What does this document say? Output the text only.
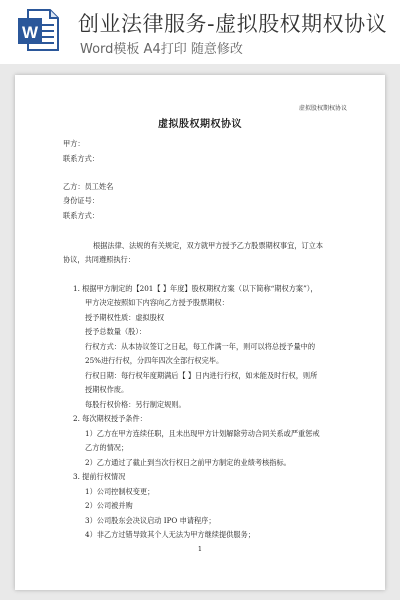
W 创业法律服务-虚拟股权期权协议
Word模板 A4打印 随意修改
虚拟股权期权协议
虚拟股权期权协议
甲方：
联系方式：
乙方：员工姓名
身份证号：
联系方式：
根据法律、法规的有关规定，双方就甲方授予乙方股票期权事宜，订立本
协议，共同遵照执行：
1. 根据甲方制定的【201【 】年度】股权期权方案（以下简称“期权方案”），
甲方决定按照如下内容向乙方授予股票期权：
授予期权性质：虚拟股权
授予总数量（股）：
行权方式：从本协议签订之日起，每工作满一年，则可以将总授予量中的
25%进行行权，分四年四次全部行权完毕。
行权日期：每行权年度期满后【 】日内进行行权，如未能及时行权，则所
授期权作废。
每股行权价格：另行制定规则。
2. 每次期权授予条件：
1）乙方在甲方连续任职，且未出现甲方计划解除劳动合同关系或严重惩戒
乙方的情况；
2）乙方通过了截止到当次行权日之前甲方制定的业绩考核指标。
3. 提前行权情况
1）公司控制权变更；
2）公司被并购
3）公司股东会决议启动 IPO 申请程序；
4）非乙方过错导致其个人无法为甲方继续提供服务；
1
